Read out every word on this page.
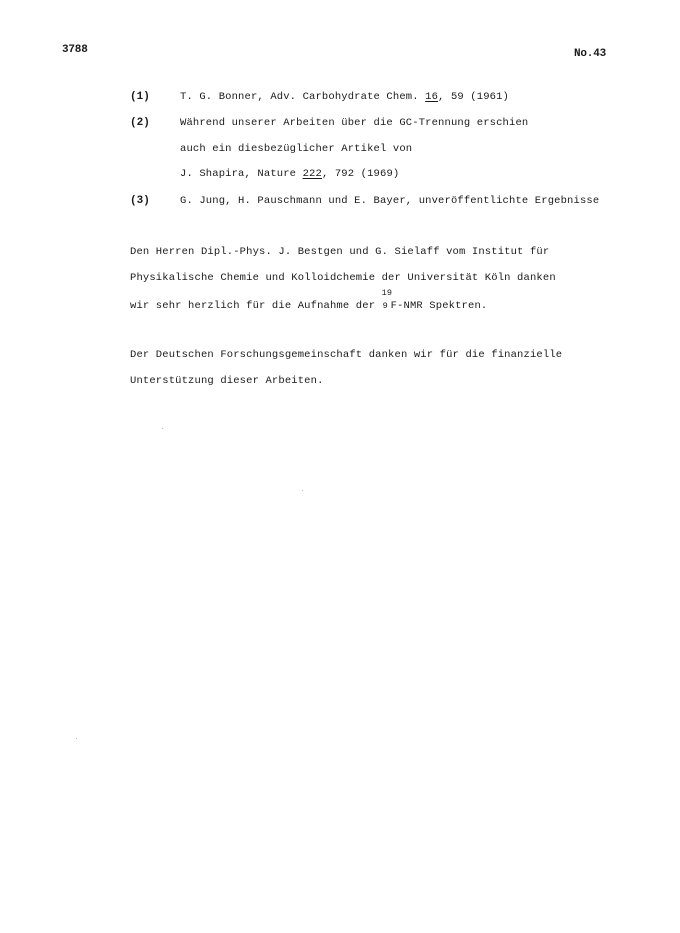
3788	No.43
(1)	T. G. Bonner, Adv. Carbohydrate Chem. 16, 59 (1961)
(2)	Während unserer Arbeiten über die GC-Trennung erschien
auch ein diesbezüglicher Artikel von
J. Shapira, Nature 222, 792 (1969)
(3)	G. Jung, H. Pauschmann und E. Bayer, unveröffentlichte Ergebnisse
Den Herren Dipl.-Phys. J. Bestgen und G. Sielaff vom Institut für
Physikalische Chemie und Kolloidchemie der Universität Köln danken
wir sehr herzlich für die Aufnahme der
19
9 F-NMR Spektren.
Der Deutschen Forschungsgemeinschaft danken wir für die finanzielle
Unterstützung dieser Arbeiten.
